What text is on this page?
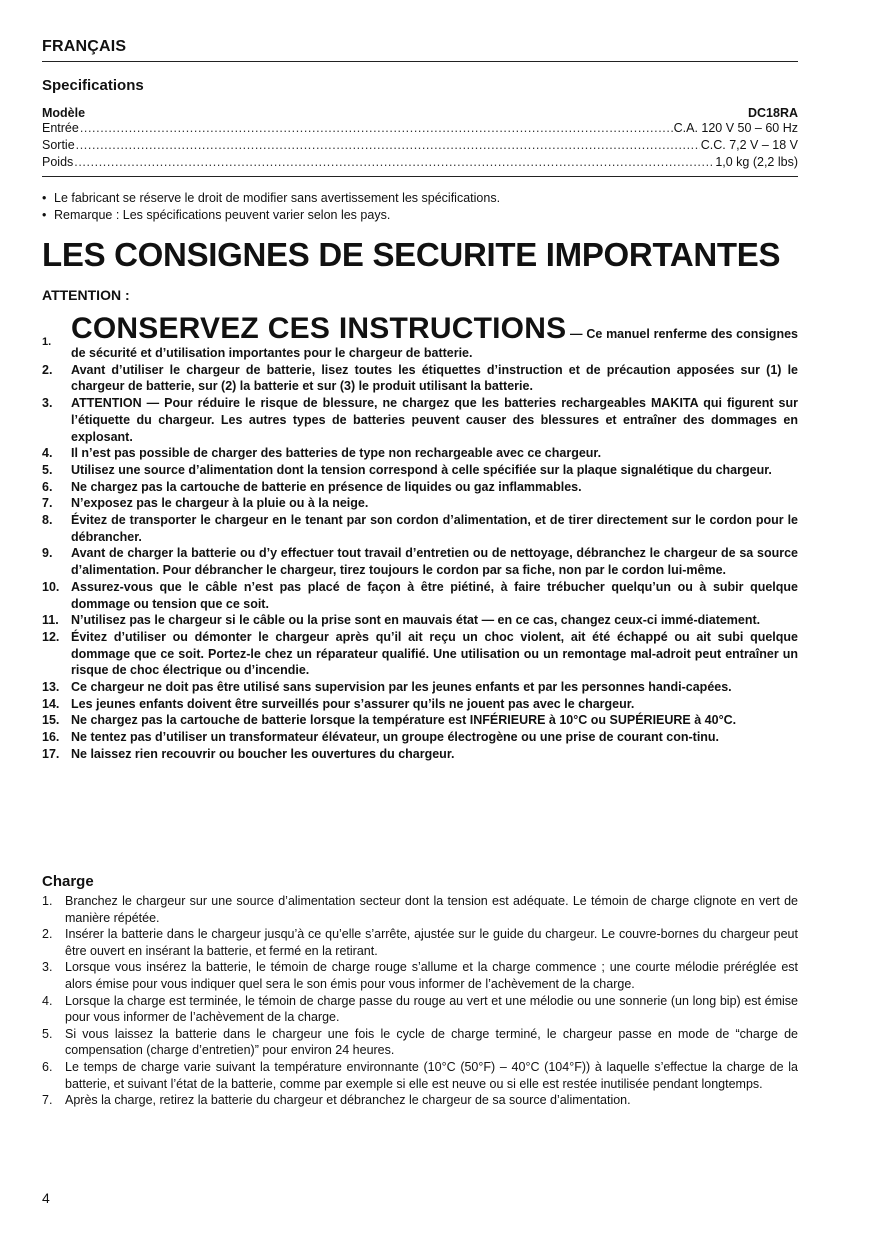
FRANÇAIS
Specifications
Modèle	DC18RA
Entrée .....	C.A. 120 V 50 – 60 Hz
Sortie .....	C.C. 7,2 V – 18 V
Poids .....	1,0 kg (2,2 lbs)
• Le fabricant se réserve le droit de modifier sans avertissement les spécifications.
• Remarque : Les spécifications peuvent varier selon les pays.
LES CONSIGNES DE SECURITE IMPORTANTES
ATTENTION :
1. CONSERVEZ CES INSTRUCTIONS — Ce manuel renferme des consignes de sécurité et d’utilisation importantes pour le chargeur de batterie.
2. Avant d’utiliser le chargeur de batterie, lisez toutes les étiquettes d’instruction et de précaution apposées sur (1) le chargeur de batterie, sur (2) la batterie et sur (3) le produit utilisant la batterie.
3. ATTENTION — Pour réduire le risque de blessure, ne chargez que les batteries rechargeables MAKITA qui figurent sur l’étiquette du chargeur. Les autres types de batteries peuvent causer des blessures et entraîner des dommages en explosant.
4. Il n’est pas possible de charger des batteries de type non rechargeable avec ce chargeur.
5. Utilisez une source d’alimentation dont la tension correspond à celle spécifiée sur la plaque signalétique du chargeur.
6. Ne chargez pas la cartouche de batterie en présence de liquides ou gaz inflammables.
7. N’exposez pas le chargeur à la pluie ou à la neige.
8. Évitez de transporter le chargeur en le tenant par son cordon d’alimentation, et de tirer directement sur le cordon pour le débrancher.
9. Avant de charger la batterie ou d’y effectuer tout travail d’entretien ou de nettoyage, débranchez le chargeur de sa source d’alimentation. Pour débrancher le chargeur, tirez toujours le cordon par sa fiche, non par le cordon lui-même.
10. Assurez-vous que le câble n’est pas placé de façon à être piétiné, à faire trébucher quelqu’un ou à subir quelque dommage ou tension que ce soit.
11. N’utilisez pas le chargeur si le câble ou la prise sont en mauvais état — en ce cas, changez ceux-ci immé-diatement.
12. Évitez d’utiliser ou démonter le chargeur après qu’il ait reçu un choc violent, ait été échappé ou ait subi quelque dommage que ce soit. Portez-le chez un réparateur qualifié. Une utilisation ou un remontage mal-adroit peut entraîner un risque de choc électrique ou d’incendie.
13. Ce chargeur ne doit pas être utilisé sans supervision par les jeunes enfants et par les personnes handi-capées.
14. Les jeunes enfants doivent être surveillés pour s’assurer qu’ils ne jouent pas avec le chargeur.
15. Ne chargez pas la cartouche de batterie lorsque la température est INFÉRIEURE à 10°C ou SUPÉRIEURE à 40°C.
16. Ne tentez pas d’utiliser un transformateur élévateur, un groupe électrogène ou une prise de courant con-tinu.
17. Ne laissez rien recouvrir ou boucher les ouvertures du chargeur.
Charge
1. Branchez le chargeur sur une source d’alimentation secteur dont la tension est adéquate. Le témoin de charge clignote en vert de manière répétée.
2. Insérer la batterie dans le chargeur jusqu’à ce qu’elle s’arrête, ajustée sur le guide du chargeur. Le couvre-bornes du chargeur peut être ouvert en insérant la batterie, et fermé en la retirant.
3. Lorsque vous insérez la batterie, le témoin de charge rouge s’allume et la charge commence ; une courte mélodie préréglée est alors émise pour vous indiquer quel sera le son émis pour vous informer de l’achèvement de la charge.
4. Lorsque la charge est terminée, le témoin de charge passe du rouge au vert et une mélodie ou une sonnerie (un long bip) est émise pour vous informer de l’achèvement de la charge.
5. Si vous laissez la batterie dans le chargeur une fois le cycle de charge terminé, le chargeur passe en mode de “charge de compensation (charge d’entretien)” pour environ 24 heures.
6. Le temps de charge varie suivant la température environnante (10°C (50°F) – 40°C (104°F)) à laquelle s’effectue la charge de la batterie, et suivant l’état de la batterie, comme par exemple si elle est neuve ou si elle est restée inutilisée pendant longtemps.
7. Après la charge, retirez la batterie du chargeur et débranchez le chargeur de sa source d’alimentation.
4
